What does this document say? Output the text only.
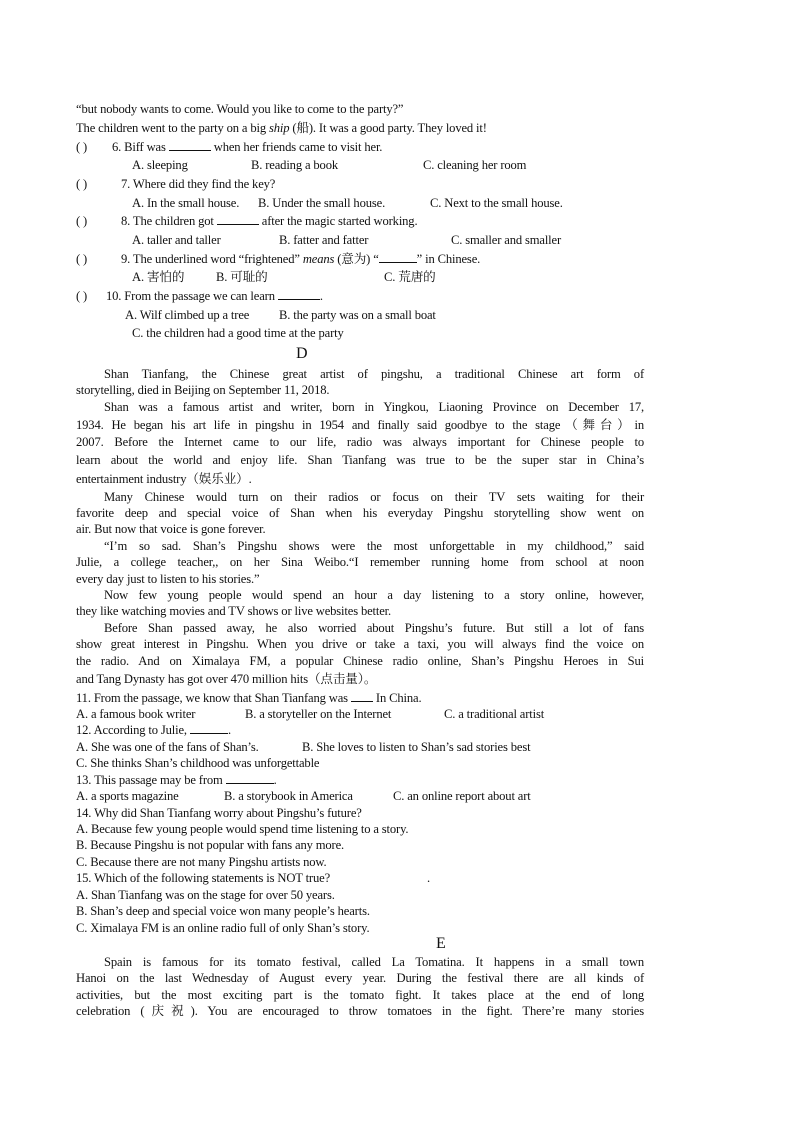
“but nobody wants to come. Would you like to come to the party?”
The children went to the party on a big ship (船). It was a good party. They loved it!
( ) 6. Biff was	when her friends came to visit her.
A. sleeping	B. reading a book	C. cleaning her room
( )	7. Where did they find the key?
A. In the small house. B. Under the small house.	C. Next to the small house.
( )	8. The children got	after the magic started working.
A. taller and taller	B. fatter and fatter	C. smaller and smaller
( )	9. The underlined word “frightened” means (意为) “	” in Chinese.
A. 害怕的	B. 可耻的	C. 荒唐的
( ) 10. From the passage we can learn	.
A. Wilf climbed up a tree B. the party was on a small boat
C. the children had a good time at the party
D
Shan Tianfang, the Chinese great artist of pingshu, a traditional Chinese art form of
storytelling, died in Beijing on September 11, 2018.
Shan was a famous artist and writer, born in Yingkou, Liaoning Province on December 17,
1934. He began his art life in pingshu in 1954 and finally said goodbye to the stage（舞台）in
2007. Before the Internet came to our life, radio was always important for Chinese people to
learn about the world and enjoy life. Shan Tianfang was true to be the super star in China’s
entertainment industry（娱乐业）.
Many Chinese would turn on their radios or focus on their TV sets waiting for their
favorite deep and special voice of Shan when his everyday Pingshu storytelling show went on
air. But now that voice is gone forever.
“I’m so sad. Shan’s Pingshu shows were the most unforgettable in my childhood,” said
Julie, a college teacher,, on her Sina Weibo.“I remember running home from school at noon
every day just to listen to his stories.”
Now few young people would spend an hour a day listening to a story online, however,
they like watching movies and TV shows or live websites better.
Before Shan passed away, he also worried about Pingshu’s future. But still a lot of fans
show great interest in Pingshu. When you drive or take a taxi, you will always find the voice on
the radio. And on Ximalaya FM, a popular Chinese radio online, Shan’s Pingshu Heroes in Sui
and Tang Dynasty has got over 470 million hits（点击量）。
11. From the passage, we know that Shan Tianfang was  In China.
A. a famous book writer	B. a storyteller on the Internet	C. a traditional artist
12. According to Julie,	.
A. She was one of the fans of Shan’s.	B. She loves to listen to Shan’s sad stories best
C. She thinks Shan’s childhood was unforgettable
13. This passage may be from	.
A. a sports magazine	B. a storybook in America	C. an online report about art
14. Why did Shan Tianfang worry about Pingshu’s future?
A. Because few young people would spend time listening to a story.
B. Because Pingshu is not popular with fans any more.
C. Because there are not many Pingshu artists now.
15. Which of the following statements is NOT true?	.
A. Shan Tianfang was on the stage for over 50 years.
B. Shan’s deep and special voice won many people’s hearts.
C. Ximalaya FM is an online radio full of only Shan’s story.
E
Spain is famous for its tomato festival, called La Tomatina. It happens in a small town
Hanoi on the last Wednesday of August every year. During the festival there are all kinds of
activities, but the most exciting part is the tomato fight. It takes place at the end of long
celebration (庆祝). You are encouraged to throw tomatoes in the fight. There’re many stories
